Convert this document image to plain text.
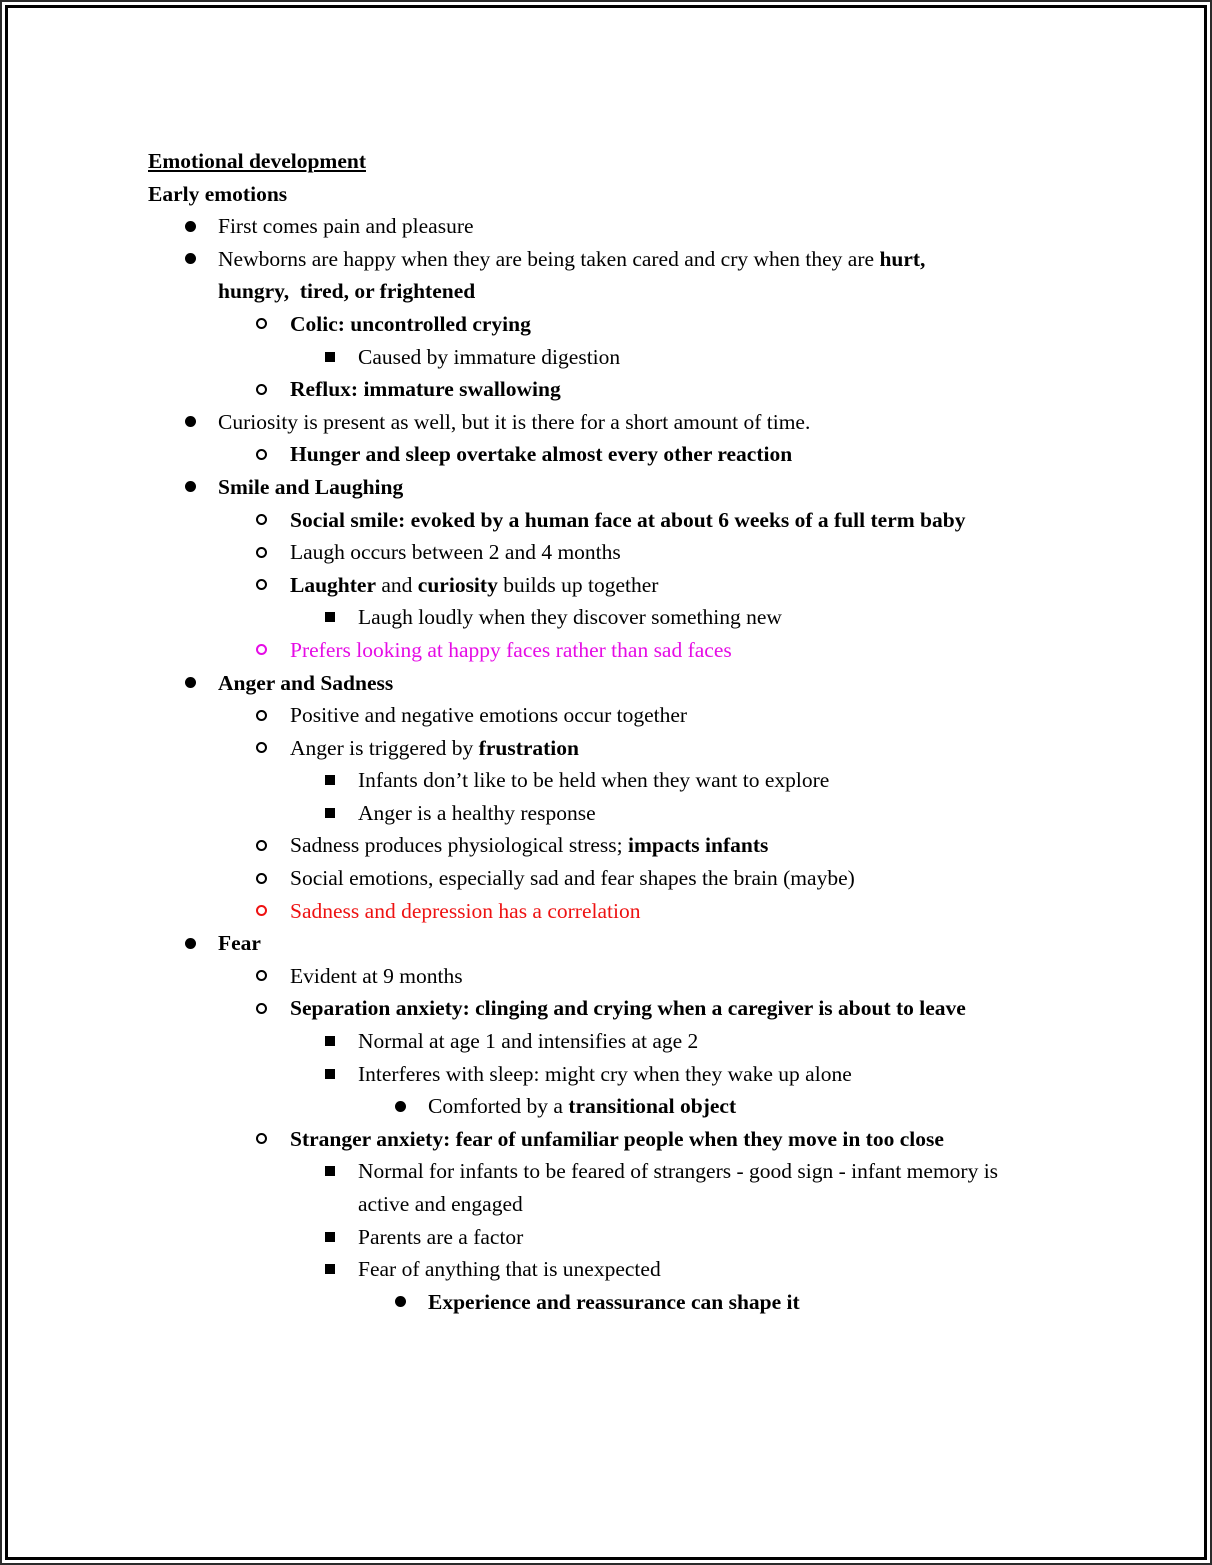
Emotional development
Early emotions
First comes pain and pleasure
Newborns are happy when they are being taken cared and cry when they are hurt,
hungry,  tired, or frightened
Colic: uncontrolled crying
Caused by immature digestion
Reflux: immature swallowing
Curiosity is present as well, but it is there for a short amount of time.
Hunger and sleep overtake almost every other reaction
Smile and Laughing
Social smile: evoked by a human face at about 6 weeks of a full term baby
Laugh occurs between 2 and 4 months
Laughter and curiosity builds up together
Laugh loudly when they discover something new
Prefers looking at happy faces rather than sad faces
Anger and Sadness
Positive and negative emotions occur together
Anger is triggered by frustration
Infants don’t like to be held when they want to explore
Anger is a healthy response
Sadness produces physiological stress; impacts infants
Social emotions, especially sad and fear shapes the brain (maybe)
Sadness and depression has a correlation
Fear
Evident at 9 months
Separation anxiety: clinging and crying when a caregiver is about to leave
Normal at age 1 and intensifies at age 2
Interferes with sleep: might cry when they wake up alone
Comforted by a transitional object
Stranger anxiety: fear of unfamiliar people when they move in too close
Normal for infants to be feared of strangers - good sign - infant memory is
active and engaged
Parents are a factor
Fear of anything that is unexpected
Experience and reassurance can shape it
